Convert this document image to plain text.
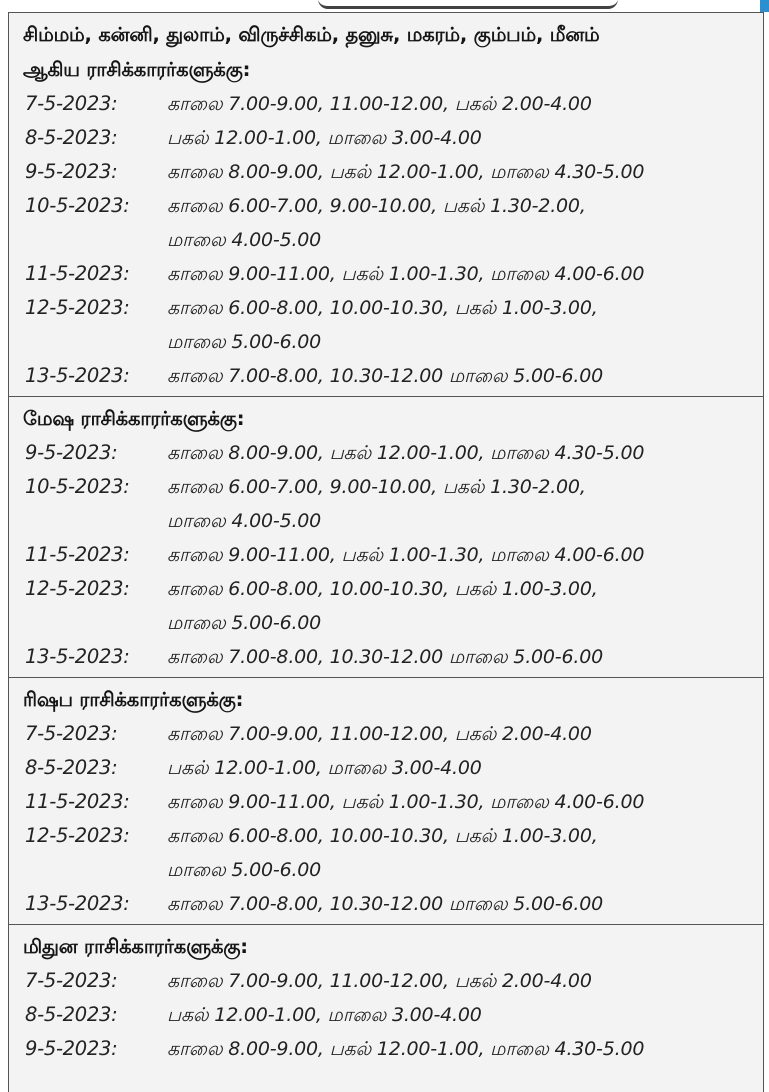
சிம்மம், கன்னி, துலாம், விருச்சிகம், தனுசு, மகரம், கும்பம், மீனம்
ஆகிய ராசிக்காரர்களுக்கு:
7-5-2023:	காலை 7.00-9.00, 11.00-12.00, பகல் 2.00-4.00
8-5-2023:	பகல் 12.00-1.00, மாலை 3.00-4.00
9-5-2023:	காலை 8.00-9.00, பகல் 12.00-1.00, மாலை 4.30-5.00
10-5-2023:	காலை 6.00-7.00, 9.00-10.00, பகல் 1.30-2.00,
மாலை 4.00-5.00
11-5-2023:	காலை 9.00-11.00, பகல் 1.00-1.30, மாலை 4.00-6.00
12-5-2023:	காலை 6.00-8.00, 10.00-10.30, பகல் 1.00-3.00,
மாலை 5.00-6.00
13-5-2023:	காலை 7.00-8.00, 10.30-12.00 மாலை 5.00-6.00
மேஷ ராசிக்காரர்களுக்கு:
9-5-2023:	காலை 8.00-9.00, பகல் 12.00-1.00, மாலை 4.30-5.00
10-5-2023:	காலை 6.00-7.00, 9.00-10.00, பகல் 1.30-2.00,
மாலை 4.00-5.00
11-5-2023:	காலை 9.00-11.00, பகல் 1.00-1.30, மாலை 4.00-6.00
12-5-2023:	காலை 6.00-8.00, 10.00-10.30, பகல் 1.00-3.00,
மாலை 5.00-6.00
13-5-2023:	காலை 7.00-8.00, 10.30-12.00 மாலை 5.00-6.00
ரிஷப ராசிக்காரர்களுக்கு:
7-5-2023:	காலை 7.00-9.00, 11.00-12.00, பகல் 2.00-4.00
8-5-2023:	பகல் 12.00-1.00, மாலை 3.00-4.00
11-5-2023:	காலை 9.00-11.00, பகல் 1.00-1.30, மாலை 4.00-6.00
12-5-2023:	காலை 6.00-8.00, 10.00-10.30, பகல் 1.00-3.00,
மாலை 5.00-6.00
13-5-2023:	காலை 7.00-8.00, 10.30-12.00 மாலை 5.00-6.00
மிதுன ராசிக்காரர்களுக்கு:
7-5-2023:	காலை 7.00-9.00, 11.00-12.00, பகல் 2.00-4.00
8-5-2023:	பகல் 12.00-1.00, மாலை 3.00-4.00
9-5-2023:	காலை 8.00-9.00, பகல் 12.00-1.00, மாலை 4.30-5.00
